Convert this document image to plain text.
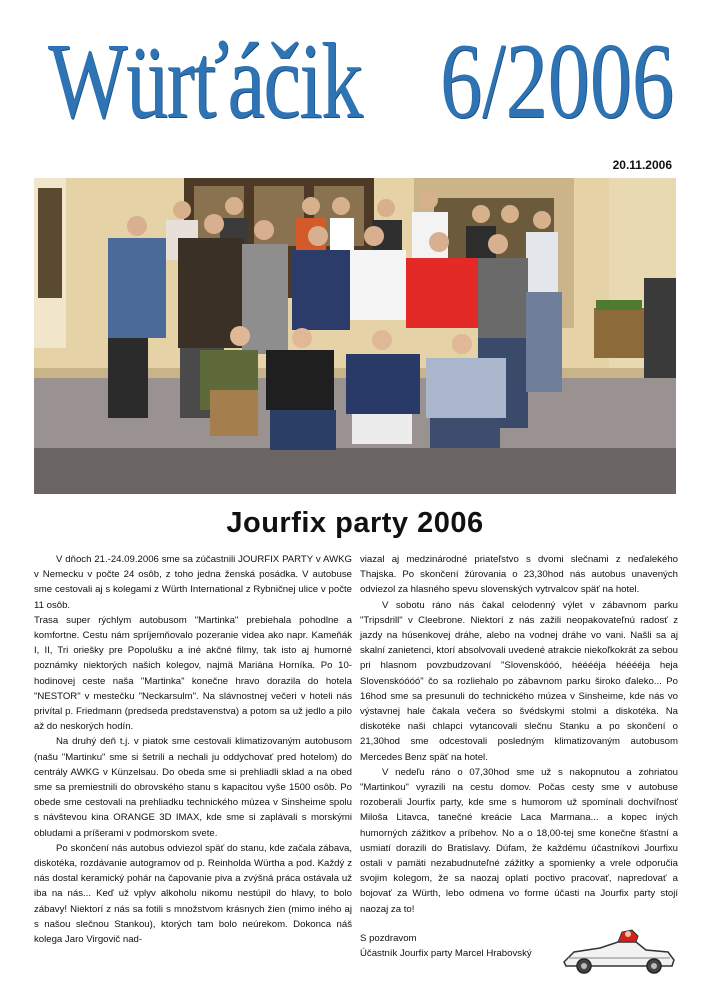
Würťáčik 6/2006
20.11.2006
Jourfix party 2006

V dňoch 21.-24.09.2006 sme sa zúčastnili JOURFIX PARTY v AWKG v Nemecku v počte 24 osôb, z toho jedna ženská posádka. V autobuse sme cestovali aj s kolegami z Würth International z Rybničnej ulice v počte 11 osôb.

Trasa super rýchlym autobusom "Martinka" prebiehala pohodlne a komfortne. Cestu nám spríjemňovalo pozeranie videa ako napr. Kameňák I, II, Tri oriešky pre Popolušku a iné akčné filmy, tak isto aj humorné poznámky niektorých našich kolegov, najmä Mariána Horníka. Po 10-hodinovej ceste naša "Martinka" konečne hravo dorazila do hotela "NESTOR" v mestečku "Neckarsulm". Na slávnostnej večeri v hoteli nás privítal p. Friedmann (predseda predstavenstva) a potom sa už jedlo a pilo až do neskorých hodín.

Na druhý deň t.j. v piatok sme cestovali klimatizovaným autobusom (našu "Martinku" sme si šetrili a nechali ju oddychovať pred hotelom) do centrály AWKG v Künzelsau. Do obeda sme si prehliadli sklad a na obed sme sa premiestnili do obrovského stanu s kapacitou vyše 1500 osôb. Po obede sme cestovali na prehliadku technického múzea v Sinsheime spolu s návštevou kina ORANGE 3D IMAX, kde sme si zaplávali s morskými obludami a príšerami v podmorskom svete.

Po skončení nás autobus odviezol späť do stanu, kde začala zábava, diskotéka, rozdávanie autogramov od p. Reinholda Würtha a pod. Každý z nás dostal keramický pohár na čapovanie piva a zvýšná práca ostávala už iba na nás... Keď už vplyv alkoholu nikomu nestúpil do hlavy, to bolo zábavy! Niektorí z nás sa fotili s množstvom krásnych žien (mimo iného aj s našou slečnou Stankou), ktorých tam bolo neúrekom. Dokonca náš kolega Jaro Virgovič nad-

viazal aj medzinárodné priateľstvo s dvomi slečnami z neďalekého Thajska. Po skončení žúrovania o 23,30hod nás autobus unavených odviezol za hlasného spevu slovenských vytrvalcov späť na hotel.

V sobotu ráno nás čakal celodenný výlet v zábavnom parku "Tripsdrill" v Cleebrone. Niektorí z nás zažili neopakovateľnú radosť z jazdy na húsenkovej dráhe, alebo na vodnej dráhe vo vani. Našli sa aj skalní zanietenci, ktorí absolvovali uvedené atrakcie niekoľkokrát za sebou pri hlasnom povzbudzovaní "Slovenskóóó, hééééja hééééja heja Slovenskóóóó" čo sa rozliehalo po zábavnom parku široko ďaleko... Po 16hod sme sa presunuli do technického múzea v Sinsheime, kde nás vo výstavnej hale čakala večera so švédskymi stolmi a diskotéka. Na diskotéke naši chlapci vytancovali slečnu Stanku a po skončení o 21,30hod sme odcestovali posledným klimatizovaným autobusom Mercedes Benz späť na hotel.

V nedeľu ráno o 07,30hod sme už s nakopnutou a zohriatou "Martinkou" vyrazili na cestu domov. Počas cesty sme v autobuse rozoberali Jourfix party, kde sme s humorom už spomínali dochvíľnosť Miloša Litavca, tanečné kreácie Laca Marmana... a kopec iných humorných zážitkov a príbehov. No a o 18,00-tej sme konečne šťastní a usmiatí dorazili do Bratislavy. Dúfam, že každému účastníkovi Jourfixu ostali v pamäti nezabudnuteľné zážitky a spomienky a vrele odporučia svojim kolegom, že sa naozaj oplatí poctivo pracovať, napredovať a bojovať za Würth, lebo odmena vo forme účasti na Jourfix party stojí naozaj za to!

S pozdravom
Účastník Jourfix party Marcel Hrabovský
